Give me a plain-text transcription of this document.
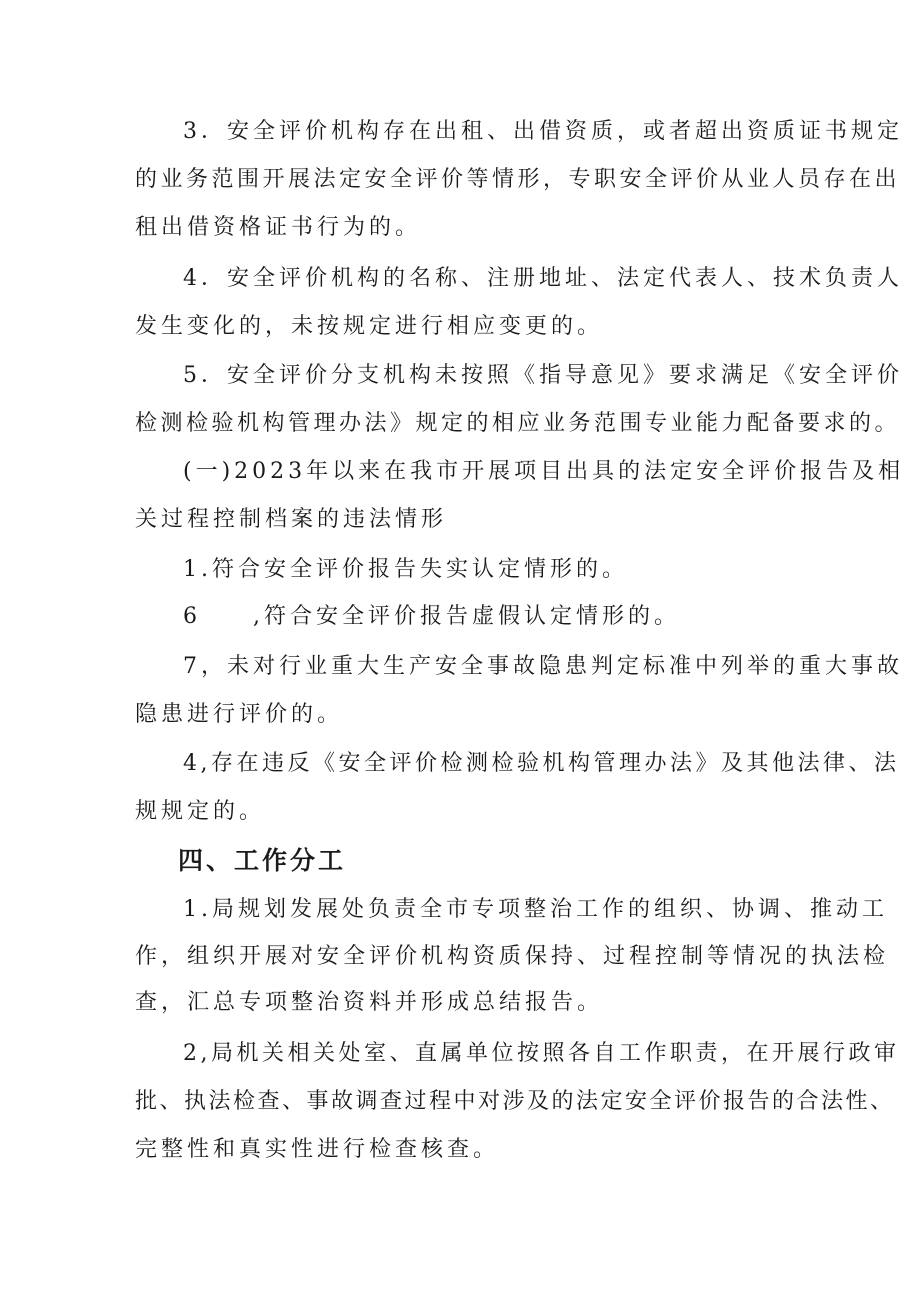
3．安全评价机构存在出租、出借资质，或者超出资质证书规定

的业务范围开展法定安全评价等情形，专职安全评价从业人员存在出

租出借资格证书行为的。

4．安全评价机构的名称、注册地址、法定代表人、技术负责人

发生变化的，未按规定进行相应变更的。

5．安全评价分支机构未按照《指导意见》要求满足《安全评价

检测检验机构管理办法》规定的相应业务范围专业能力配备要求的。

(一)2023年以来在我市开展项目出具的法定安全评价报告及相

关过程控制档案的违法情形

1.符合安全评价报告失实认定情形的。

6　　,符合安全评价报告虚假认定情形的。

7，未对行业重大生产安全事故隐患判定标准中列举的重大事故

隐患进行评价的。

4,存在违反《安全评价检测检验机构管理办法》及其他法律、法

规规定的。

四、工作分工

1.局规划发展处负责全市专项整治工作的组织、协调、推动工

作，组织开展对安全评价机构资质保持、过程控制等情况的执法检

查，汇总专项整治资料并形成总结报告。

2,局机关相关处室、直属单位按照各自工作职责，在开展行政审

批、执法检查、事故调查过程中对涉及的法定安全评价报告的合法性、

完整性和真实性进行检查核查。
